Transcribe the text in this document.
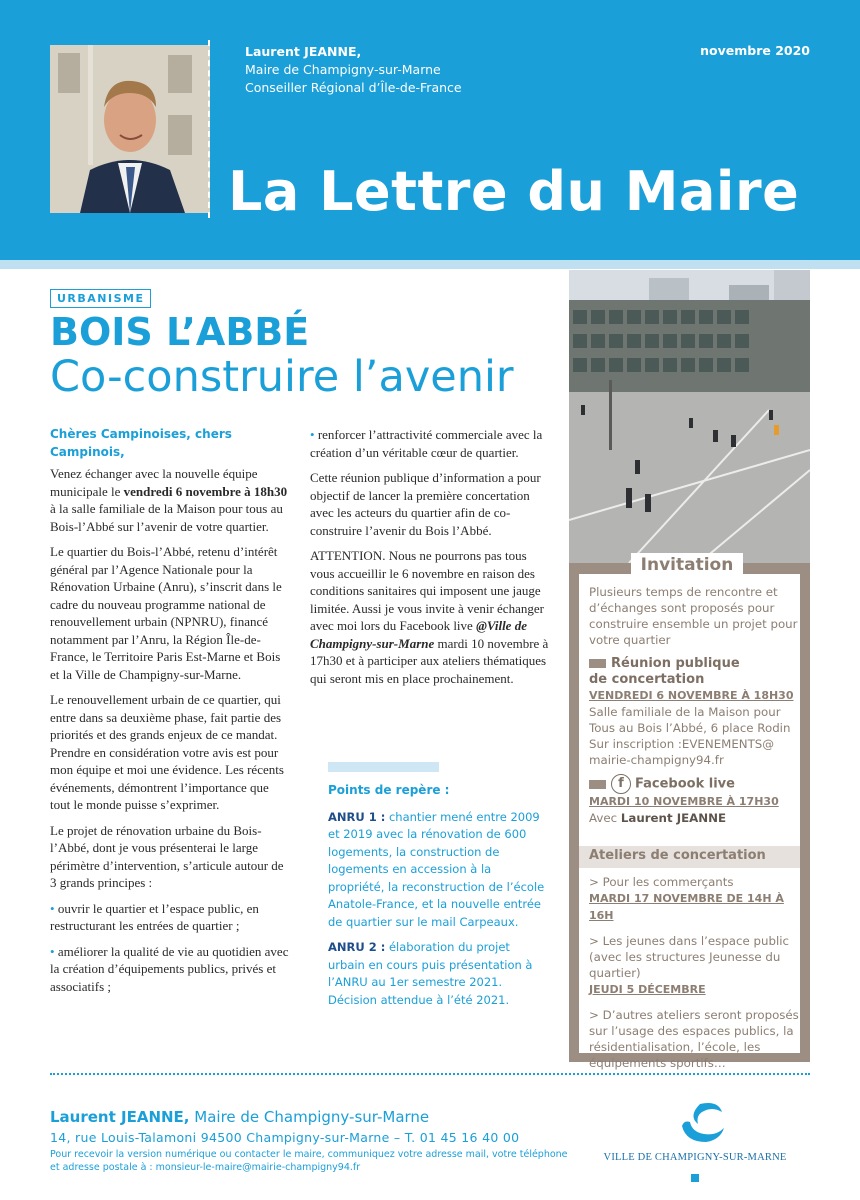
Laurent JEANNE,
Maire de Champigny-sur-Marne
Conseiller Régional d’Île-de-France
novembre 2020
La Lettre du Maire
URBANISME
BOIS L’ABBÉ
Co-construire l’avenir

Chères Campinoises, chers Campinois,

Venez échanger avec la nouvelle équipe municipale le vendredi 6 novembre à 18h30 à la salle familiale de la Maison pour tous au Bois-l’Abbé sur l’avenir de votre quartier.

Le quartier du Bois-l’Abbé, retenu d’intérêt général par l’Agence Nationale pour la Rénovation Urbaine (Anru), s’inscrit dans le cadre du nouveau programme national de renouvellement urbain (NPNRU), financé notamment par l’Anru, la Région Île-de-France, le Territoire Paris Est-Marne et Bois et la Ville de Champigny-sur-Marne.

Le renouvellement urbain de ce quartier, qui entre dans sa deuxième phase, fait partie des priorités et des grands enjeux de ce mandat. Prendre en considération votre avis est pour mon équipe et moi une évidence. Les récents événements, démontrent l’importance que tout le monde puisse s’exprimer.

Le projet de rénovation urbaine du Bois-l’Abbé, dont je vous présenterai le large périmètre d’intervention, s’articule autour de 3 grands principes :

• ouvrir le quartier et l’espace public, en restructurant les entrées de quartier ;

• améliorer la qualité de vie au quotidien avec la création d’équipements publics, privés et associatifs ;

• renforcer l’attractivité commerciale avec la création d’un véritable cœur de quartier.

Cette réunion publique d’information a pour objectif de lancer la première concertation avec les acteurs du quartier afin de co-construire l’avenir du Bois l’Abbé.

ATTENTION. Nous ne pourrons pas tous vous accueillir le 6 novembre en raison des conditions sanitaires qui imposent une jauge limitée. Aussi je vous invite à venir échanger avec moi lors du Facebook live @Ville de Champigny-sur-Marne mardi 10 novembre à 17h30 et à participer aux ateliers thématiques qui seront mis en place prochainement.

Points de repère :

ANRU 1 : chantier mené entre 2009 et 2019 avec la rénovation de 600 logements, la construction de logements en accession à la propriété, la reconstruction de l’école Anatole-France, et la nouvelle entrée de quartier sur le mail Carpeaux.

ANRU 2 : élaboration du projet urbain en cours puis présentation à l’ANRU au 1er semestre 2021. Décision attendue à l’été 2021.

Invitation
Plusieurs temps de rencontre et d’échanges sont proposés pour construire ensemble un projet pour votre quartier
Réunion publique
de concertation
VENDREDI 6 NOVEMBRE À 18H30
Salle familiale de la Maison pour Tous au Bois l’Abbé, 6 place Rodin
Sur inscription :EVENEMENTS@ mairie-champigny94.fr
f Facebook live
MARDI 10 NOVEMBRE À 17H30
Avec Laurent JEANNE
Ateliers de concertation

> Pour les commerçants
MARDI 17 NOVEMBRE DE 14H À 16H

> Les jeunes dans l’espace public (avec les structures Jeunesse du quartier)
JEUDI 5 DÉCEMBRE

> D’autres ateliers seront proposés sur l’usage des espaces publics, la résidentialisation, l’école, les équipements sportifs…

Laurent JEANNE, Maire de Champigny-sur-Marne
14, rue Louis-Talamoni 94500 Champigny-sur-Marne – T. 01 45 16 40 00
Pour recevoir la version numérique ou contacter le maire, communiquez votre adresse mail, votre téléphone et adresse postale à : monsieur-le-maire@mairie-champigny94.fr
VILLE DE CHAMPIGNY-SUR-MARNE
